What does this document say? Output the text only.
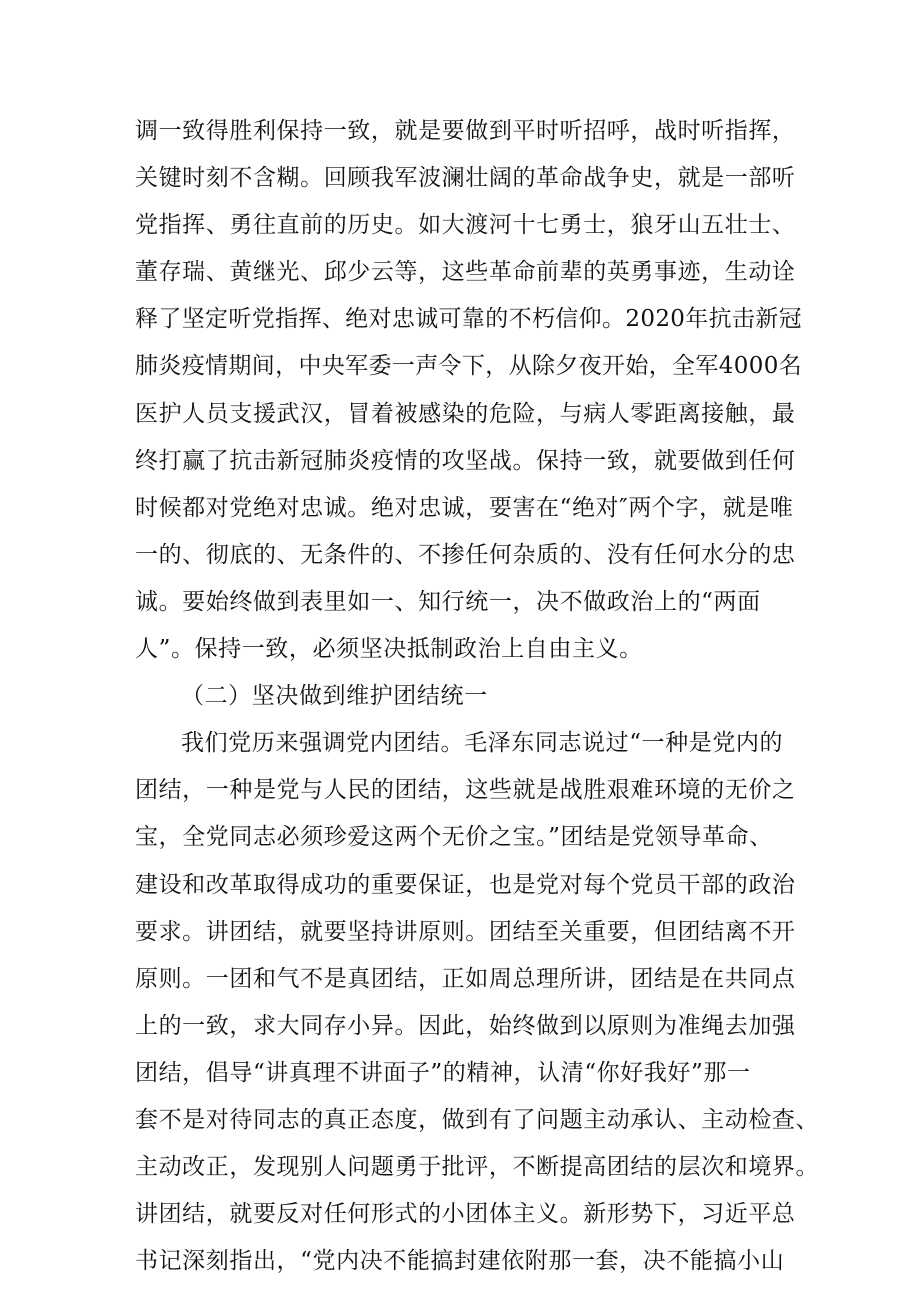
调一致得胜利保持一致，就是要做到平时听招呼，战时听指挥，

关键时刻不含糊。回顾我军波澜壮阔的革命战争史，就是一部听

党指挥、勇往直前的历史。如大渡河十七勇士，狼牙山五壮士、

董存瑞、黄继光、邱少云等，这些革命前辈的英勇事迹，生动诠

释了坚定听党指挥、绝对忠诚可靠的不朽信仰。2020年抗击新冠

肺炎疫情期间，中央军委一声令下，从除夕夜开始，全军4000名

医护人员支援武汉，冒着被感染的危险，与病人零距离接触，最

终打赢了抗击新冠肺炎疫情的攻坚战。保持一致，就要做到任何

时候都对党绝对忠诚。绝对忠诚，要害在“绝对″两个字，就是唯

一的、彻底的、无条件的、不掺任何杂质的、没有任何水分的忠

诚。要始终做到表里如一、知行统一，决不做政治上的“两面

人”。保持一致，必须坚决抵制政治上自由主义。

（二）坚决做到维护团结统一

我们党历来强调党内团结。毛泽东同志说过“一种是党内的

团结，一种是党与人民的团结，这些就是战胜艰难环境的无价之

宝，全党同志必须珍爱这两个无价之宝。”团结是党领导革命、

建设和改革取得成功的重要保证，也是党对每个党员干部的政治

要求。讲团结，就要坚持讲原则。团结至关重要，但团结离不开

原则。一团和气不是真团结，正如周总理所讲，团结是在共同点

上的一致，求大同存小异。因此，始终做到以原则为准绳去加强

团结，倡导“讲真理不讲面子”的精神，认清“你好我好”那一

套不是对待同志的真正态度，做到有了问题主动承认、主动检查、

主动改正，发现别人问题勇于批评，不断提高团结的层次和境界。

讲团结，就要反对任何形式的小团体主义。新形势下，习近平总

书记深刻指出，“党内决不能搞封建依附那一套，决不能搞小山
